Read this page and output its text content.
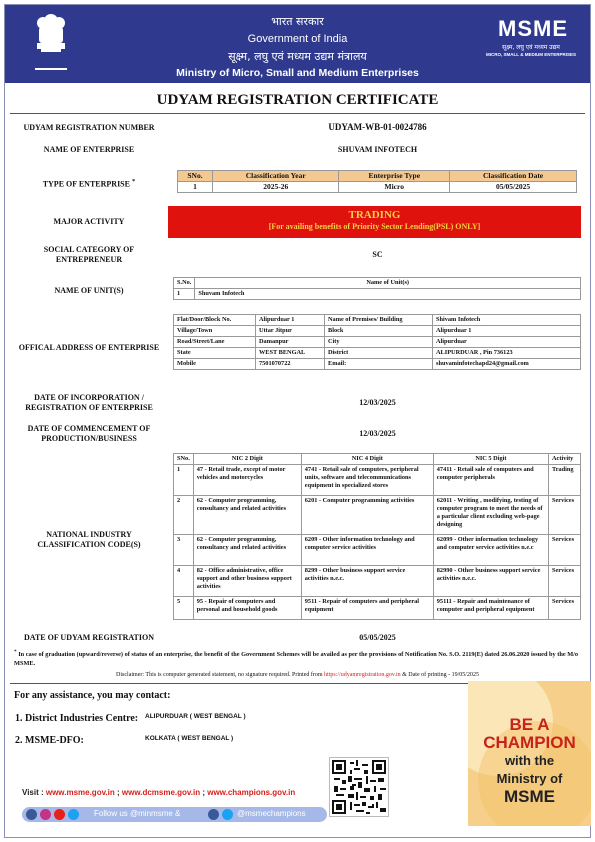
भारत सरकार
Government of India
सूक्ष्म, लघु एवं मध्यम उद्यम मंत्रालय
Ministry of Micro, Small and Medium Enterprises
MSME
सूक्ष्म, लघु एवं मध्यम उद्यम
MICRO, SMALL & MEDIUM ENTERPRISES
UDYAM REGISTRATION CERTIFICATE
UDYAM REGISTRATION NUMBER	UDYAM-WB-01-0024786
NAME OF ENTERPRISE	SHUVAM INFOTECH
TYPE OF ENTERPRISE *
SNo.	Classification Year	Enterprise Type	Classification Date
1	2025-26	Micro	05/05/2025
MAJOR ACTIVITY
TRADING
[For availing benefits of Priority Sector Lending(PSL) ONLY]
SOCIAL CATEGORY OF
ENTREPRENEUR
SC
NAME OF UNIT(S)
S.No.	Name of Unit(s)
1	Shuvam Infotech
OFFICAL ADDRESS OF ENTERPRISE
Flat/Door/Block No.	Alipurduar 1	Name of Premises/ Building	Shivam Infotech
Village/Town	Uttar Jitpur	Block	Alipurduar 1
Road/Street/Lane	Damanpur	City	Alipurduar
State	WEST BENGAL	District	ALIPURDUAR , Pin 736123
Mobile	7501070722	Email:	shuvaminfotechapd24@gmail.com
DATE OF INCORPORATION /
REGISTRATION OF ENTERPRISE
12/03/2025
DATE OF COMMENCEMENT OF
PRODUCTION/BUSINESS
12/03/2025
NATIONAL INDUSTRY
CLASSIFICATION CODE(S)
SNo.	NIC 2 Digit	NIC 4 Digit	NIC 5 Digit	Activity
1	47 - Retail trade, except of motor vehicles and motorcycles	4741 - Retail sale of computers, peripheral units, software and telecommunications equipment in specialized stores	47411 - Retail sale of computers and computer peripherals	Trading
2	62 - Computer programming, consultancy and related activities	6201 - Computer programming activities	62011 - Writing , modifying, testing of computer program to meet the needs of a particular client excluding web-page designing	Services
3	62 - Computer programming, consultancy and related activities	6209 - Other information technology and computer service activities	62099 - Other information technology and computer service activities n.e.c	Services
4	82 - Office administrative, office support and other business support activities	8299 - Other business support service activities n.e.c.	82990 - Other business support service activities n.e.c.	Services
5	95 - Repair of computers and personal and household goods	9511 - Repair of computers and peripheral equipment	95111 - Repair and maintenance of computer and peripheral equipment	Services
DATE OF UDYAM REGISTRATION	05/05/2025
* In case of graduation (upward/reverse) of status of an enterprise, the benefit of the Government Schemes will be availed as per the provisions of Notification No. S.O. 2119(E) dated 26.06.2020 issued by the M/o MSME.
Disclaimer: This is computer generated statement, no signature required. Printed from https://udyamregistration.gov.in & Date of printing - 19/05/2025
For any assistance, you may contact:
1. District Industries Centre: ALIPURDUAR ( WEST BENGAL )
2. MSME-DFO:	KOLKATA ( WEST BENGAL )
BE A
CHAMPION
with the
Ministry of
MSME
Visit : www.msme.gov.in ; www.dcmsme.gov.in ; www.champions.gov.in
Follow us @minmsme &	@msmechampions
